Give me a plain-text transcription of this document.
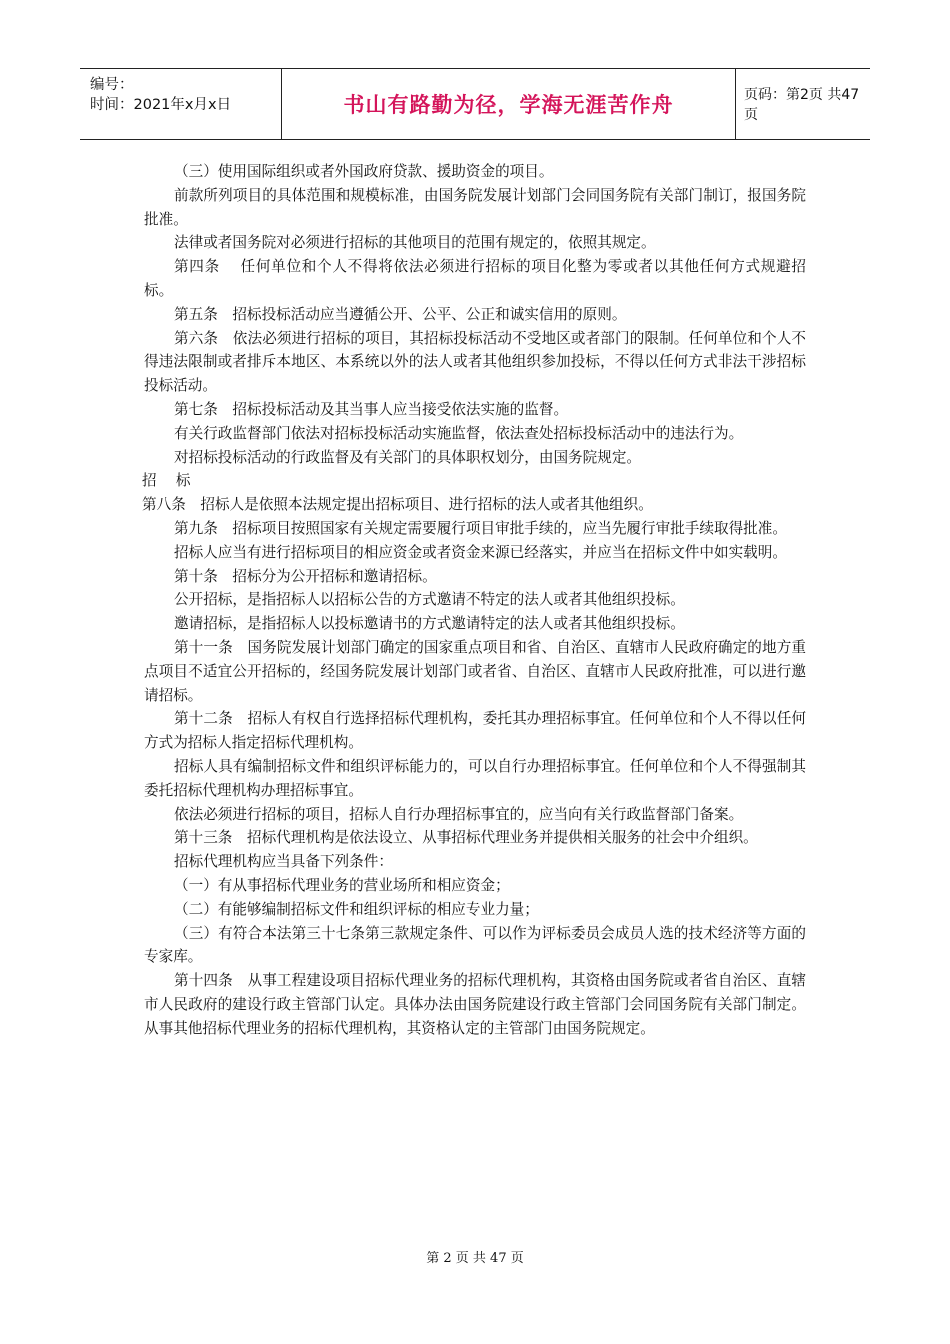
编号：
时间：2021年x月x日	书山有路勤为径，学海无涯苦作舟	页码：第2页 共47页

（三）使用国际组织或者外国政府贷款、援助资金的项目。

前款所列项目的具体范围和规模标准，由国务院发展计划部门会同国务院有关部门制订，报国务院批准。

法律或者国务院对必须进行招标的其他项目的范围有规定的，依照其规定。

第四条　 任何单位和个人不得将依法必须进行招标的项目化整为零或者以其他任何方式规避招标。

第五条　招标投标活动应当遵循公开、公平、公正和诚实信用的原则。

第六条　依法必须进行招标的项目，其招标投标活动不受地区或者部门的限制。任何单位和个人不得违法限制或者排斥本地区、本系统以外的法人或者其他组织参加投标，不得以任何方式非法干涉招标投标活动。

第七条　招标投标活动及其当事人应当接受依法实施的监督。

有关行政监督部门依法对招标投标活动实施监督，依法查处招标投标活动中的违法行为。

对招标投标活动的行政监督及有关部门的具体职权划分，由国务院规定。

招　 标

第八条　招标人是依照本法规定提出招标项目、进行招标的法人或者其他组织。

第九条　招标项目按照国家有关规定需要履行项目审批手续的，应当先履行审批手续取得批准。

招标人应当有进行招标项目的相应资金或者资金来源已经落实，并应当在招标文件中如实载明。

第十条　招标分为公开招标和邀请招标。

公开招标，是指招标人以招标公告的方式邀请不特定的法人或者其他组织投标。

邀请招标，是指招标人以投标邀请书的方式邀请特定的法人或者其他组织投标。

第十一条　国务院发展计划部门确定的国家重点项目和省、自治区、直辖市人民政府确定的地方重点项目不适宜公开招标的，经国务院发展计划部门或者省、自治区、直辖市人民政府批准，可以进行邀请招标。

第十二条　招标人有权自行选择招标代理机构，委托其办理招标事宜。任何单位和个人不得以任何方式为招标人指定招标代理机构。

招标人具有编制招标文件和组织评标能力的，可以自行办理招标事宜。任何单位和个人不得强制其委托招标代理机构办理招标事宜。

依法必须进行招标的项目，招标人自行办理招标事宜的，应当向有关行政监督部门备案。

第十三条　招标代理机构是依法设立、从事招标代理业务并提供相关服务的社会中介组织。

招标代理机构应当具备下列条件：

（一）有从事招标代理业务的营业场所和相应资金；

（二）有能够编制招标文件和组织评标的相应专业力量；

（三）有符合本法第三十七条第三款规定条件、可以作为评标委员会成员人选的技术经济等方面的专家库。

第十四条　从事工程建设项目招标代理业务的招标代理机构，其资格由国务院或者省自治区、直辖市人民政府的建设行政主管部门认定。具体办法由国务院建设行政主管部门会同国务院有关部门制定。从事其他招标代理业务的招标代理机构，其资格认定的主管部门由国务院规定。

第 2 页 共 47 页
